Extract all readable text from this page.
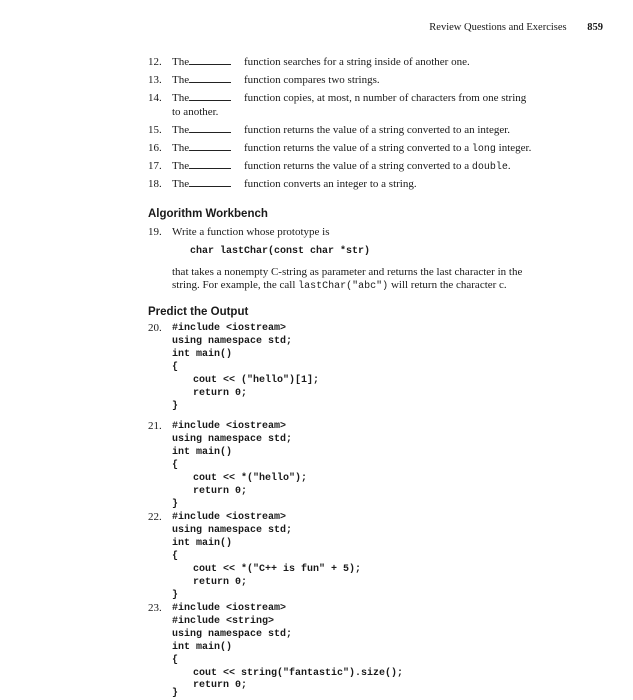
Review Questions and Exercises 859
12. The	function searches for a string inside of another one.
13. The	function compares two strings.
14. The	function copies, at most, n number of characters from one string
to another.
15. The	function returns the value of a string converted to an integer.
16. The	function returns the value of a string converted to a long integer.
17. The	function returns the value of a string converted to a double.
18. The	function converts an integer to a string.
Algorithm Workbench
19. Write a function whose prototype is
char lastChar(const char *str)
that takes a nonempty C-string as parameter and returns the last character in the
string. For example, the call lastChar("abc") will return the character c.
Predict the Output
20. #include <iostream>
using namespace std;
int main()
{
cout << ("hello")[1];
return 0;
}
21. #include <iostream>
using namespace std;
int main()
{
cout << *("hello");
return 0;
}
22. #include <iostream>
using namespace std;
int main()
{
cout << *("C++ is fun" + 5);
return 0;
}
23. #include <iostream>
#include <string>
using namespace std;
int main()
{
cout << string("fantastic").size();
return 0;
}
